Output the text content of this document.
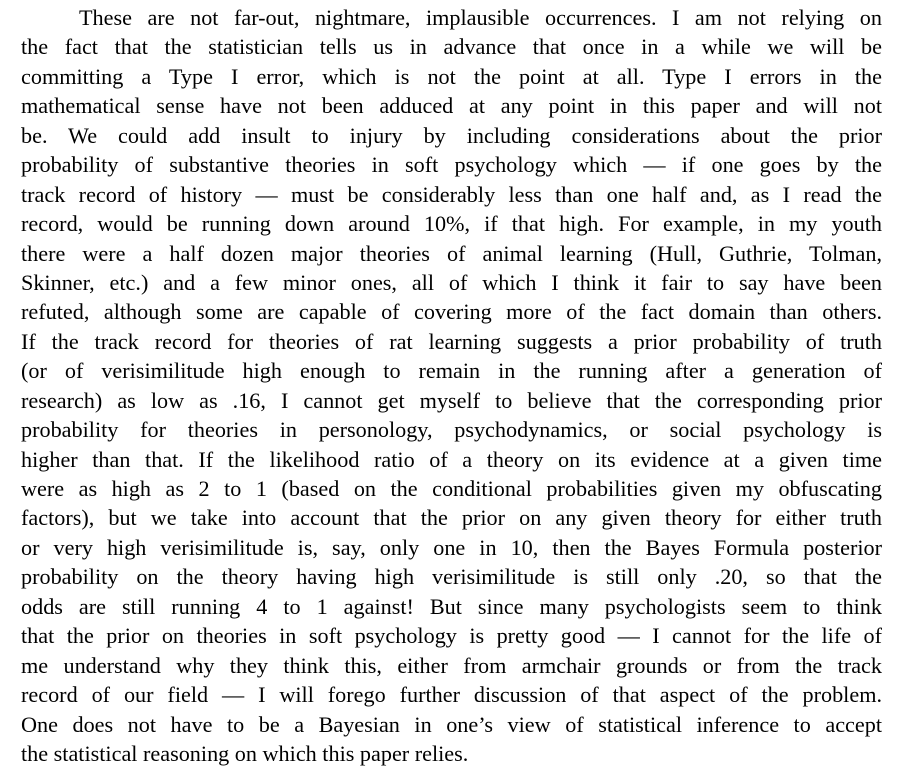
These are not far-out, nightmare, implausible occurrences. I am not relying on
the fact that the statistician tells us in advance that once in a while we will be
committing a Type I error, which is not the point at all. Type I errors in the
mathematical sense have not been adduced at any point in this paper and will not
be. We could add insult to injury by including considerations about the prior
probability of substantive theories in soft psychology which — if one goes by the
track record of history — must be considerably less than one half and, as I read the
record, would be running down around 10%, if that high. For example, in my youth
there were a half dozen major theories of animal learning (Hull, Guthrie, Tolman,
Skinner, etc.) and a few minor ones, all of which I think it fair to say have been
refuted, although some are capable of covering more of the fact domain than others.
If the track record for theories of rat learning suggests a prior probability of truth
(or of verisimilitude high enough to remain in the running after a generation of
research) as low as .16, I cannot get myself to believe that the corresponding prior
probability for theories in personology, psychodynamics, or social psychology is
higher than that. If the likelihood ratio of a theory on its evidence at a given time
were as high as 2 to 1 (based on the conditional probabilities given my obfuscating
factors), but we take into account that the prior on any given theory for either truth
or very high verisimilitude is, say, only one in 10, then the Bayes Formula posterior
probability on the theory having high verisimilitude is still only .20, so that the
odds are still running 4 to 1 against! But since many psychologists seem to think
that the prior on theories in soft psychology is pretty good — I cannot for the life of
me understand why they think this, either from armchair grounds or from the track
record of our field — I will forego further discussion of that aspect of the problem.
One does not have to be a Bayesian in one’s view of statistical inference to accept
the statistical reasoning on which this paper relies.
